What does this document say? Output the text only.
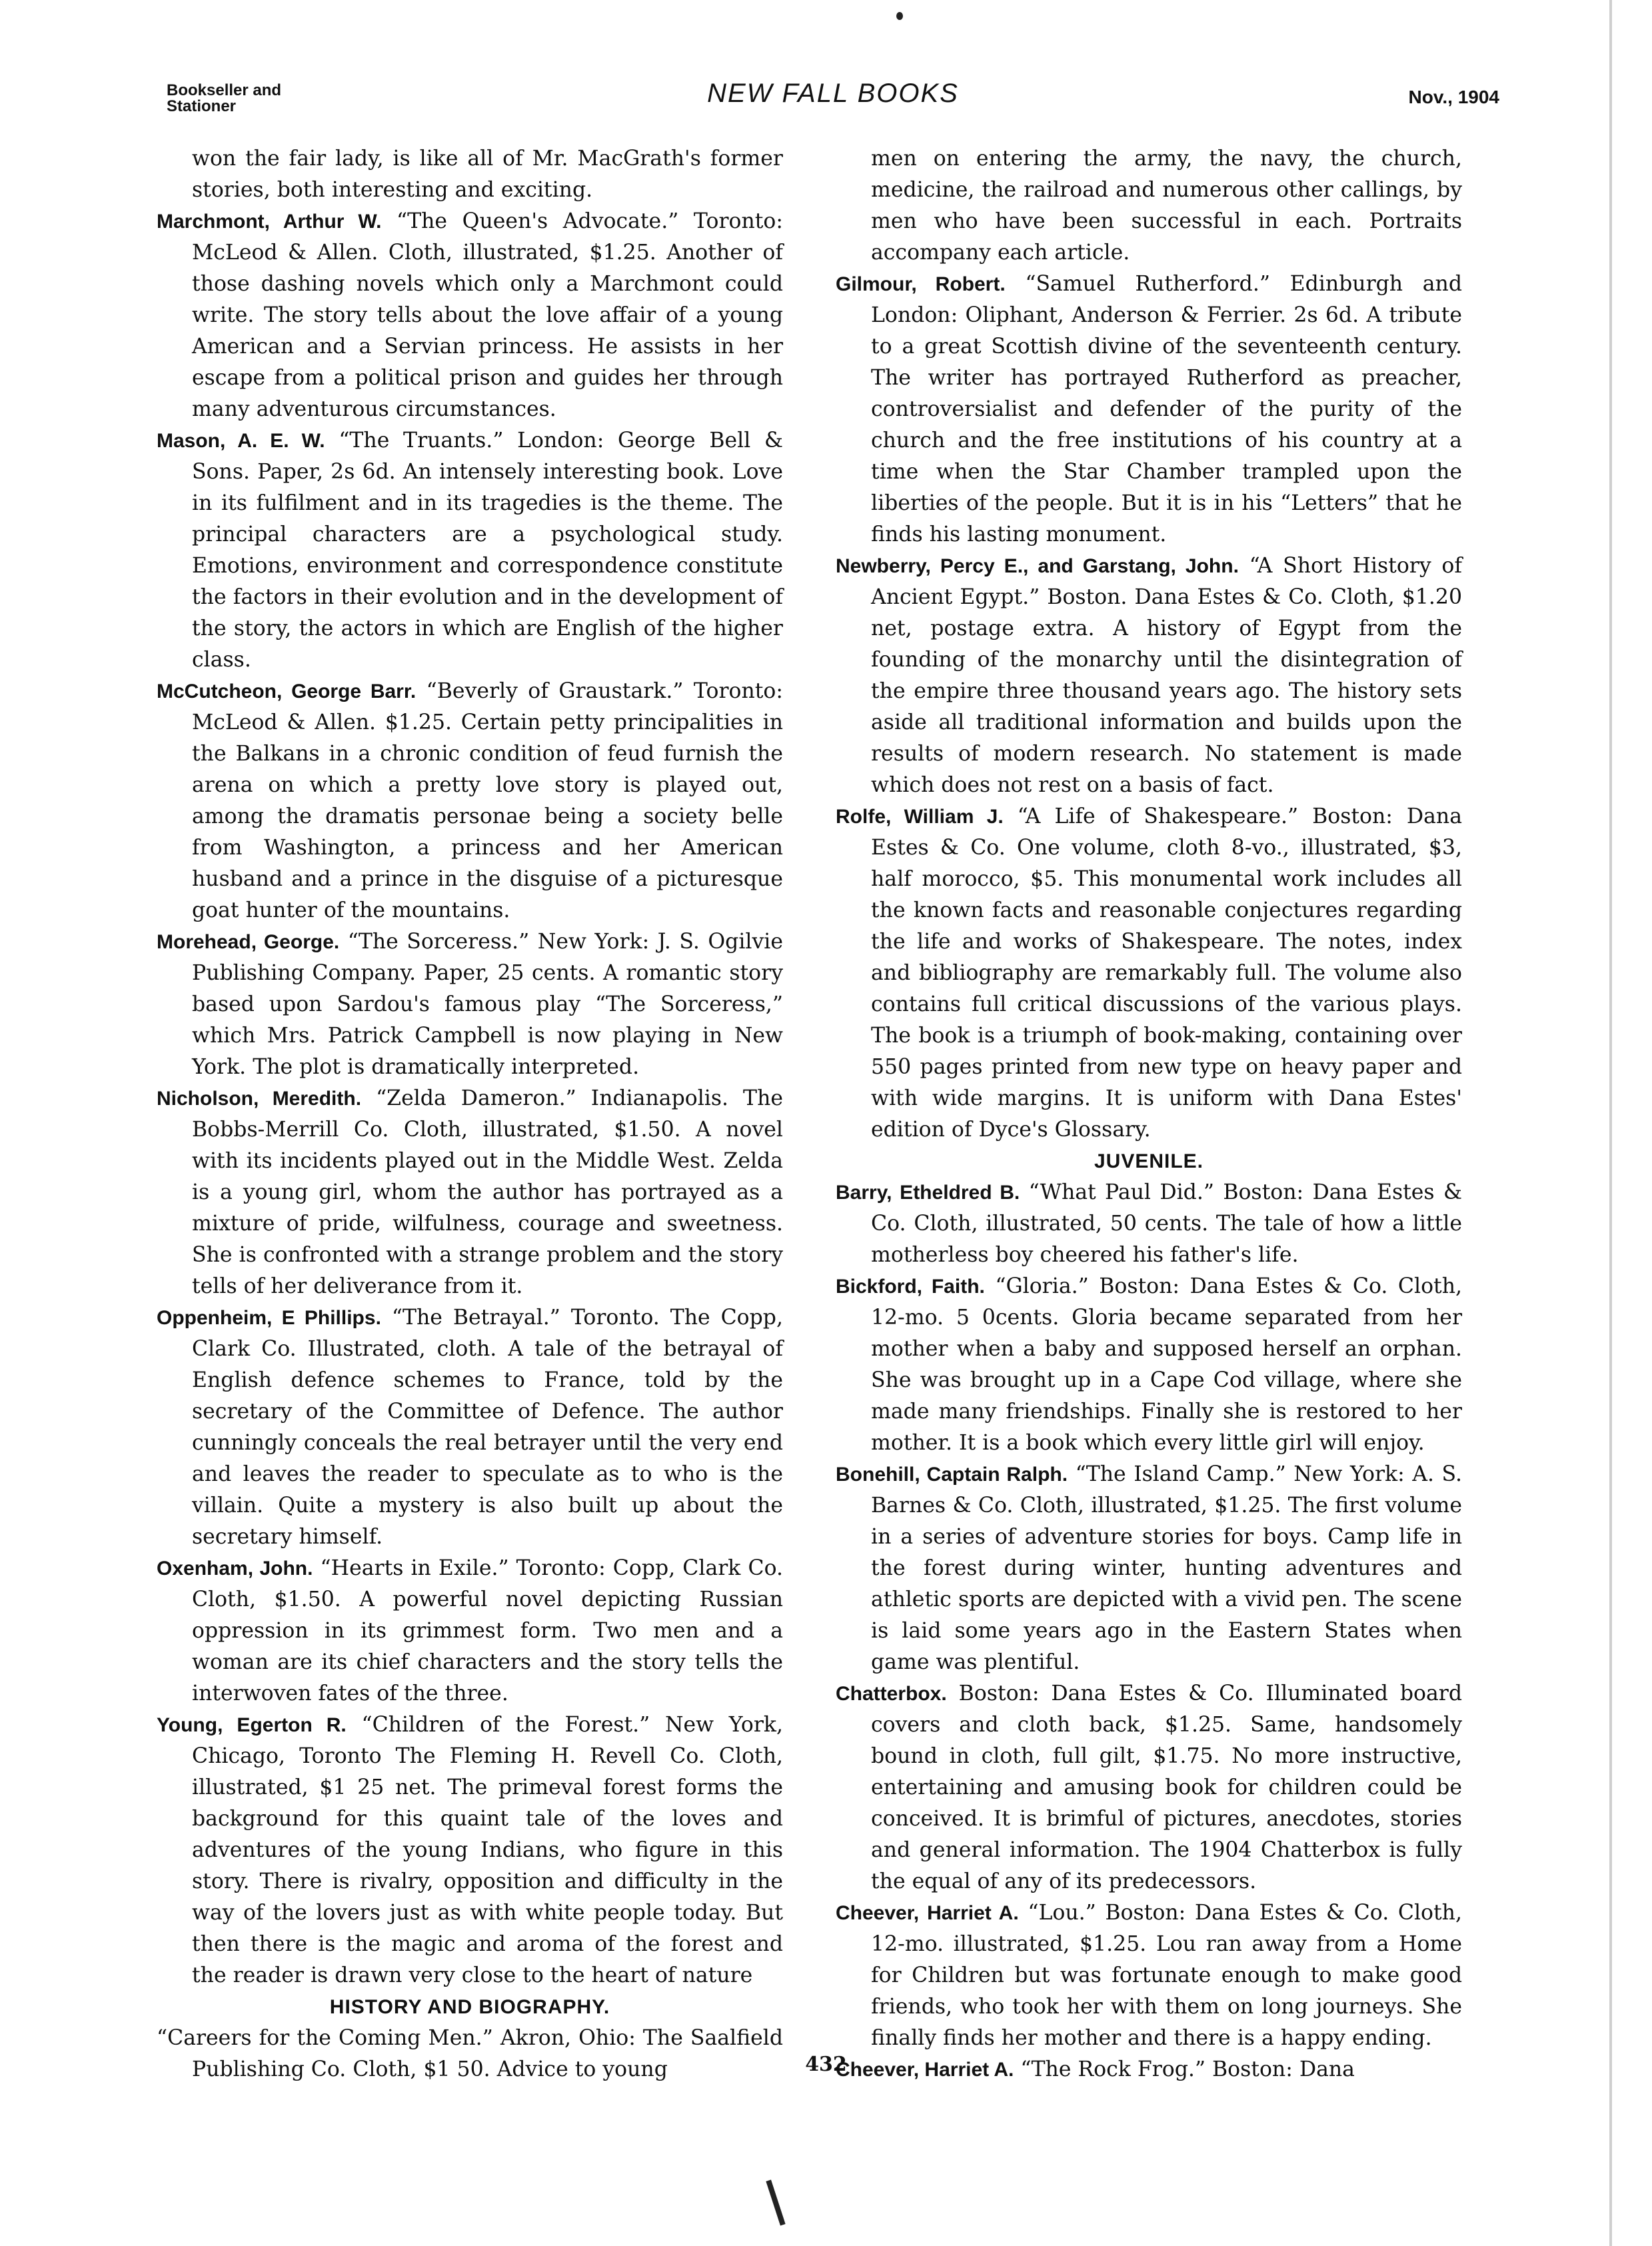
Bookseller and
Stationer	NEW FALL BOOKS	Nov., 1904

won the fair lady, is like all of Mr. MacGrath's former stories, both interesting and exciting.

Marchmont, Arthur W. “The Queen's Advocate.” Toronto: McLeod & Allen. Cloth, illustrated, $1.25. Another of those dashing novels which only a Marchmont could write. The story tells about the love affair of a young American and a Servian princess. He assists in her escape from a political prison and guides her through many adventurous circumstances.

Mason, A. E. W. “The Truants.” London: George Bell & Sons. Paper, 2s 6d. An intensely interesting book. Love in its fulfilment and in its tragedies is the theme. The principal characters are a psychological study. Emotions, environment and correspondence constitute the factors in their evolution and in the development of the story, the actors in which are English of the higher class.

McCutcheon, George Barr. “Beverly of Graustark.” Toronto: McLeod & Allen. $1.25. Certain petty principalities in the Balkans in a chronic condition of feud furnish the arena on which a pretty love story is played out, among the dramatis personae being a society belle from Washington, a princess and her American husband and a prince in the disguise of a picturesque goat hunter of the mountains.

Morehead, George. “The Sorceress.” New York: J. S. Ogilvie Publishing Company. Paper, 25 cents. A romantic story based upon Sardou's famous play “The Sorceress,” which Mrs. Patrick Campbell is now playing in New York. The plot is dramatically interpreted.

Nicholson, Meredith. “Zelda Dameron.” Indianapolis. The Bobbs-Merrill Co. Cloth, illustrated, $1.50. A novel with its incidents played out in the Middle West. Zelda is a young girl, whom the author has portrayed as a mixture of pride, wilfulness, courage and sweetness. She is confronted with a strange problem and the story tells of her deliverance from it.

Oppenheim, E Phillips. “The Betrayal.” Toronto. The Copp, Clark Co. Illustrated, cloth. A tale of the betrayal of English defence schemes to France, told by the secretary of the Committee of Defence. The author cunningly conceals the real betrayer until the very end and leaves the reader to speculate as to who is the villain. Quite a mystery is also built up about the secretary himself.

Oxenham, John. “Hearts in Exile.” Toronto: Copp, Clark Co. Cloth, $1.50. A powerful novel depicting Russian oppression in its grimmest form. Two men and a woman are its chief characters and the story tells the interwoven fates of the three.

Young, Egerton R. “Children of the Forest.” New York, Chicago, Toronto The Fleming H. Revell Co. Cloth, illustrated, $1 25 net. The primeval forest forms the background for this quaint tale of the loves and adventures of the young Indians, who figure in this story. There is rivalry, opposition and difficulty in the way of the lovers just as with white people today. But then there is the magic and aroma of the forest and the reader is drawn very close to the heart of nature

HISTORY AND BIOGRAPHY.

“Careers for the Coming Men.” Akron, Ohio: The Saalfield Publishing Co. Cloth, $1 50. Advice to young

men on entering the army, the navy, the church, medicine, the railroad and numerous other callings, by men who have been successful in each. Portraits accompany each article.

Gilmour, Robert. “Samuel Rutherford.” Edinburgh and London: Oliphant, Anderson & Ferrier. 2s 6d. A tribute to a great Scottish divine of the seventeenth century. The writer has portrayed Rutherford as preacher, controversialist and defender of the purity of the church and the free institutions of his country at a time when the Star Chamber trampled upon the liberties of the people. But it is in his “Letters” that he finds his lasting monument.

Newberry, Percy E., and Garstang, John. “A Short History of Ancient Egypt.” Boston. Dana Estes & Co. Cloth, $1.20 net, postage extra. A history of Egypt from the founding of the monarchy until the disintegration of the empire three thousand years ago. The history sets aside all traditional information and builds upon the results of modern research. No statement is made which does not rest on a basis of fact.

Rolfe, William J. “A Life of Shakespeare.” Boston: Dana Estes & Co. One volume, cloth 8-vo., illustrated, $3, half morocco, $5. This monumental work includes all the known facts and reasonable conjectures regarding the life and works of Shakespeare. The notes, index and bibliography are remarkably full. The volume also contains full critical discussions of the various plays. The book is a triumph of book-making, containing over 550 pages printed from new type on heavy paper and with wide margins. It is uniform with Dana Estes' edition of Dyce's Glossary.

JUVENILE.

Barry, Etheldred B. “What Paul Did.” Boston: Dana Estes & Co. Cloth, illustrated, 50 cents. The tale of how a little motherless boy cheered his father's life.

Bickford, Faith. “Gloria.” Boston: Dana Estes & Co. Cloth, 12-mo. 5 0cents. Gloria became separated from her mother when a baby and supposed herself an orphan. She was brought up in a Cape Cod village, where she made many friendships. Finally she is restored to her mother. It is a book which every little girl will enjoy.

Bonehill, Captain Ralph. “The Island Camp.” New York: A. S. Barnes & Co. Cloth, illustrated, $1.25. The first volume in a series of adventure stories for boys. Camp life in the forest during winter, hunting adventures and athletic sports are depicted with a vivid pen. The scene is laid some years ago in the Eastern States when game was plentiful.

Chatterbox. Boston: Dana Estes & Co. Illuminated board covers and cloth back, $1.25. Same, handsomely bound in cloth, full gilt, $1.75. No more instructive, entertaining and amusing book for children could be conceived. It is brimful of pictures, anecdotes, stories and general information. The 1904 Chatterbox is fully the equal of any of its predecessors.

Cheever, Harriet A. “Lou.” Boston: Dana Estes & Co. Cloth, 12-mo. illustrated, $1.25. Lou ran away from a Home for Children but was fortunate enough to make good friends, who took her with them on long journeys. She finally finds her mother and there is a happy ending.

Cheever, Harriet A. “The Rock Frog.” Boston: Dana

432
